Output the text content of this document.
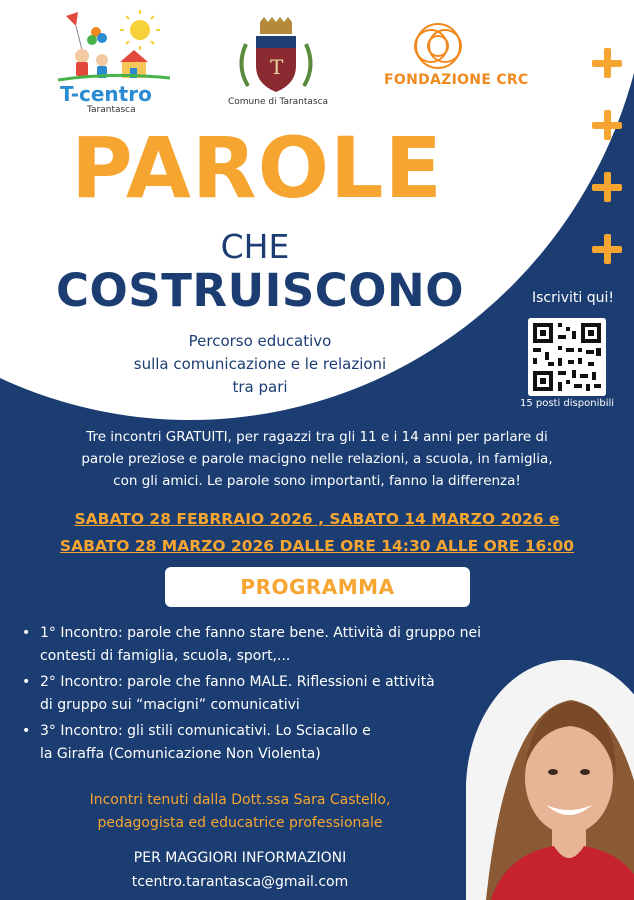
T-centro
Tarantasca
T
Comune di Tarantasca
FONDAZIONE CRC
PAROLE
CHE
COSTRUISCONO
Percorso educativo
sulla comunicazione e le relazioni
tra pari
Iscriviti qui!
15 posti disponibili
Tre incontri GRATUITI, per ragazzi tra gli 11 e i 14 anni per parlare di
parole preziose e parole macigno nelle relazioni, a scuola, in famiglia,
con gli amici. Le parole sono importanti, fanno la differenza!
SABATO 28 FEBRRAIO 2026 , SABATO 14 MARZO 2026 e
SABATO 28 MARZO 2026 DALLE ORE 14:30 ALLE ORE 16:00
PROGRAMMA
• 1° Incontro: parole che fanno stare bene. Attività di gruppo nei
contesti di famiglia, scuola, sport,...
• 2° Incontro: parole che fanno MALE. Riflessioni e attività
di gruppo sui “macigni” comunicativi
• 3° Incontro: gli stili comunicativi. Lo Sciacallo e
la Giraffa (Comunicazione Non Violenta)
Incontri tenuti dalla Dott.ssa Sara Castello,
pedagogista ed educatrice professionale
PER MAGGIORI INFORMAZIONI
tcentro.tarantasca@gmail.com
